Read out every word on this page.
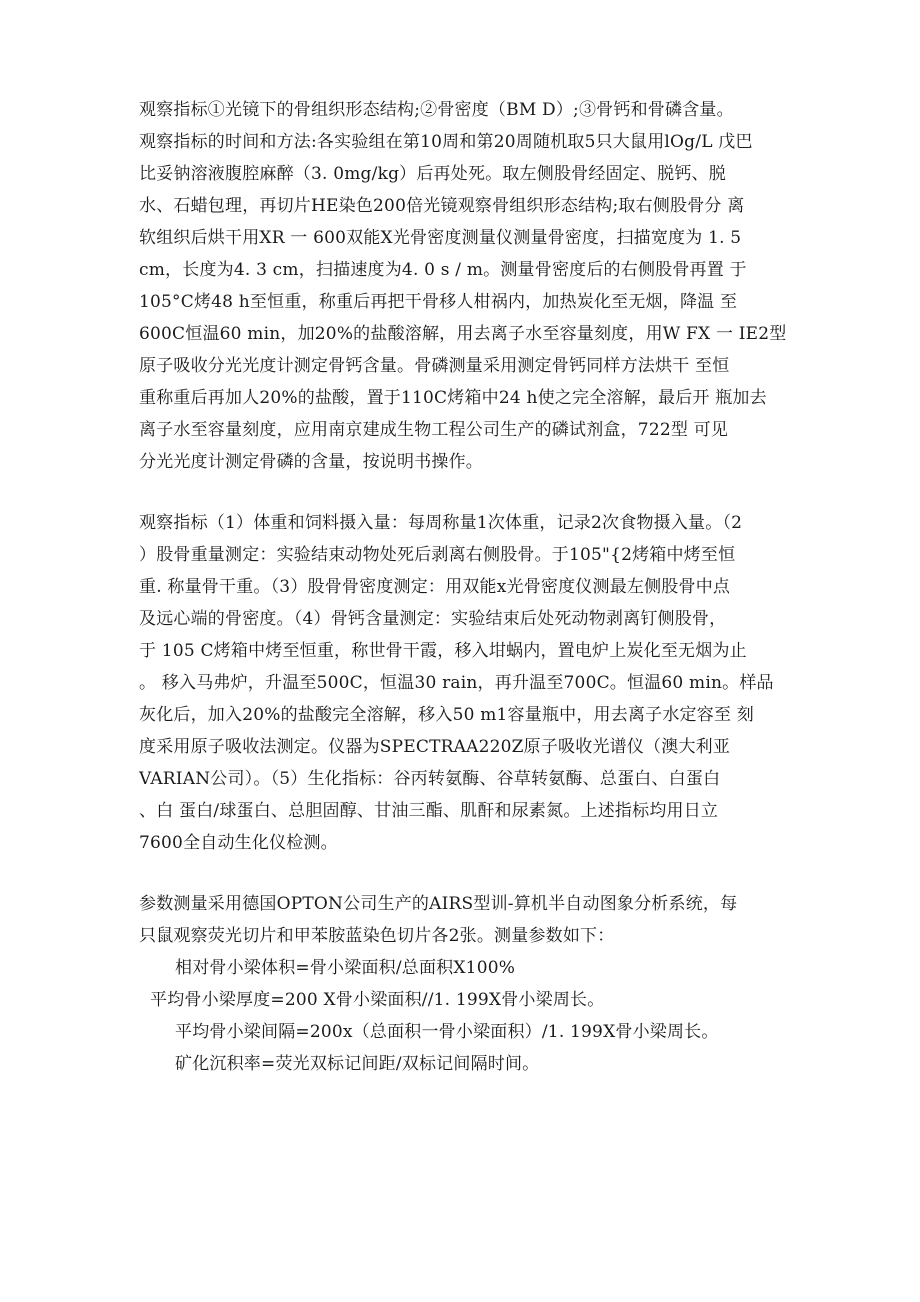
观察指标①光镜下的骨组织形态结构;②骨密度（BM D）;③骨钙和骨磷含量。
观察指标的时间和方法:各实验组在第10周和第20周随机取5只大鼠用lOg/L 戊巴
比妥钠溶液腹腔麻醉（3. 0mg/kg）后再处死。取左侧股骨经固定、脱钙、脱
水、石蜡包理，再切片HE染色200倍光镜观察骨组织形态结构;取右侧股骨分 离
软组织后烘干用XR 一 600双能X光骨密度测量仪测量骨密度，扫描宽度为 1. 5
cm，长度为4. 3 cm，扫描速度为4. 0 s / m。测量骨密度后的右侧股骨再置 于
105°C烤48 h至恒重，称重后再把干骨移人柑祸内，加热炭化至无烟，降温 至
600C恒温60 min，加20%的盐酸溶解，用去离子水至容量刻度，用W FX 一 IE2型
原子吸收分光光度计测定骨钙含量。骨磷测量采用测定骨钙同样方法烘干 至恒
重称重后再加人20%的盐酸，置于110C烤箱中24 h使之完全溶解，最后开 瓶加去
离子水至容量刻度，应用南京建成生物工程公司生产的磷试剂盒，722型 可见
分光光度计测定骨磷的含量，按说明书操作。
观察指标（1）体重和饲料摄入量：每周称量1次体重，记录2次食物摄入量。（2
）股骨重量测定：实验结束动物处死后剥离右侧股骨。于105"{2烤箱中烤至恒
重. 称量骨干重。（3）股骨骨密度测定：用双能x光骨密度仪测最左侧股骨中点
及远心端的骨密度。（4）骨钙含量测定：实验结束后处死动物剥离钉侧股骨，
于 105 C烤箱中烤至恒重，称世骨干霞，移入坩蜗内，置电炉上炭化至无烟为止
。 移入马弗炉，升温至500C，恒温30 rain，再升温至700C。恒温60 min。样品
灰化后，加入20%的盐酸完全溶解，移入50 m1容量瓶中，用去离子水定容至 刻
度采用原子吸收法测定。仪器为SPECTRAA220Z原子吸收光谱仪（澳大利亚
VARIAN公司）。（5）生化指标：谷丙转氨酶、谷草转氨酶、总蛋白、白蛋白
、白 蛋白/球蛋白、总胆固醇、甘油三酯、肌酐和尿素氮。上述指标均用日立
7600全自动生化仪检测。
参数测量采用德国OPTON公司生产的AIRS型训-算机半自动图象分析系统，每
只鼠观察荧光切片和甲苯胺蓝染色切片各2张。测量参数如下：
相对骨小梁体积=骨小梁面积/总面积X100%
平均骨小梁厚度=200 X骨小梁面积//1. 199X骨小梁周长。
平均骨小梁间隔=200x（总面积一骨小梁面积）/1. 199X骨小梁周长。
矿化沉积率=荧光双标记间距/双标记间隔时间。
